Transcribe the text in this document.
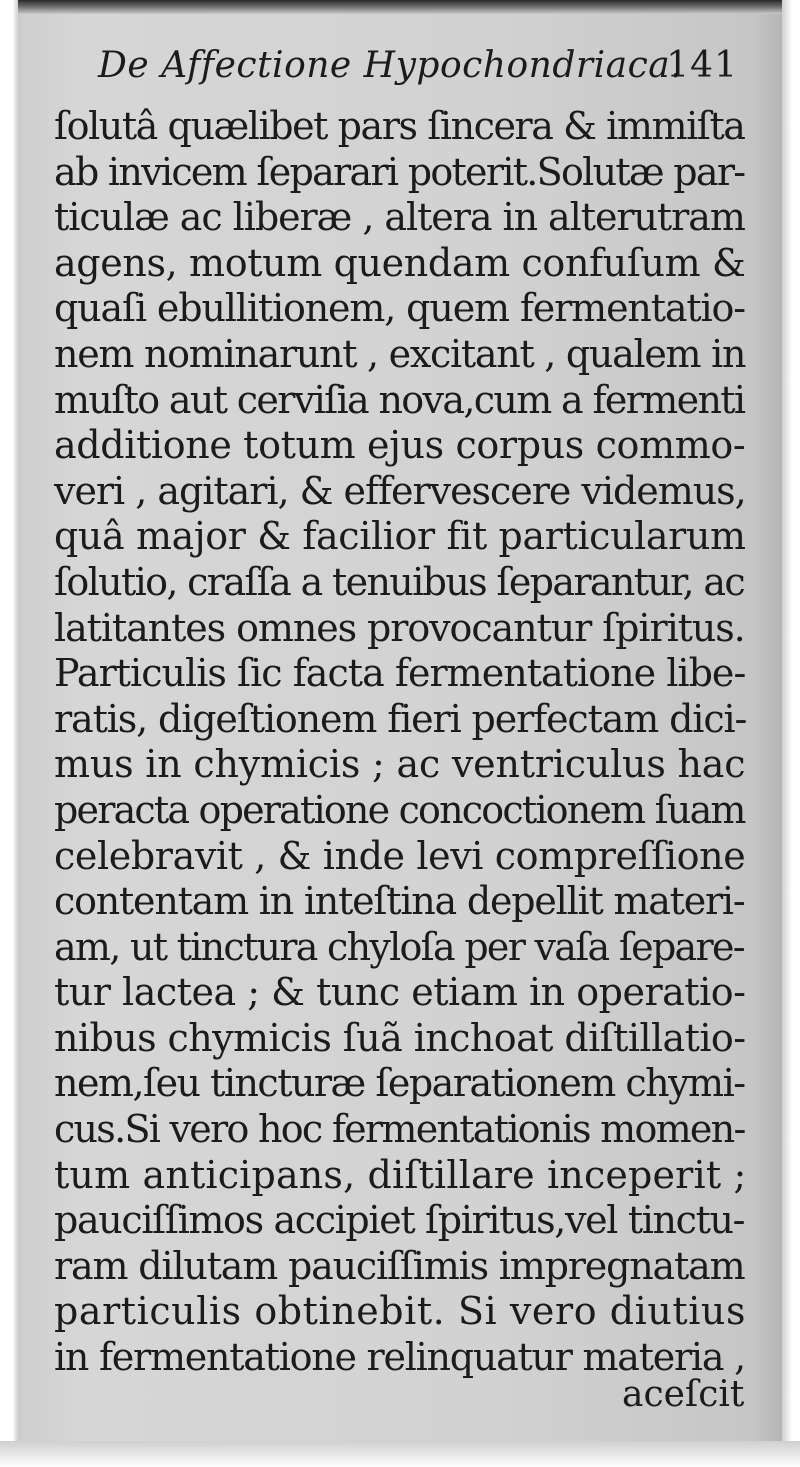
De Affectione Hypochondriaca.
141
ſolutâ quælibet pars ſincera & immiſta
ab invicem ſeparari poterit.Solutæ par-
ticulæ ac liberæ , altera in alterutram
agens, motum quendam confuſum &
quaſi ebullitionem, quem fermentatio-
nem nominarunt , excitant , qualem in
muſto aut cerviſia nova,cum a fermenti
additione totum ejus corpus commo-
veri , agitari, & effervescere videmus,
quâ major & facilior fit particularum
ſolutio, craſſa a tenuibus ſeparantur, ac
latitantes omnes provocantur ſpiritus.
Particulis ſic facta fermentatione libe-
ratis, digeſtionem fieri perfectam dici-
mus in chymicis ; ac ventriculus hac
peracta operatione concoctionem ſuam
celebravit , & inde levi compreſſione
contentam in inteſtina depellit materi-
am, ut tinctura chyloſa per vaſa ſepare-
tur lactea ; & tunc etiam in operatio-
nibus chymicis ſuã inchoat diſtillatio-
nem,ſeu tincturæ ſeparationem chymi-
cus.Si vero hoc fermentationis momen-
tum anticipans, diſtillare inceperit ;
pauciſſimos accipiet ſpiritus,vel tinctu-
ram dilutam pauciſſimis impregnatam
particulis obtinebit. Si vero diutius
in fermentatione relinquatur materia ,
aceſcit
